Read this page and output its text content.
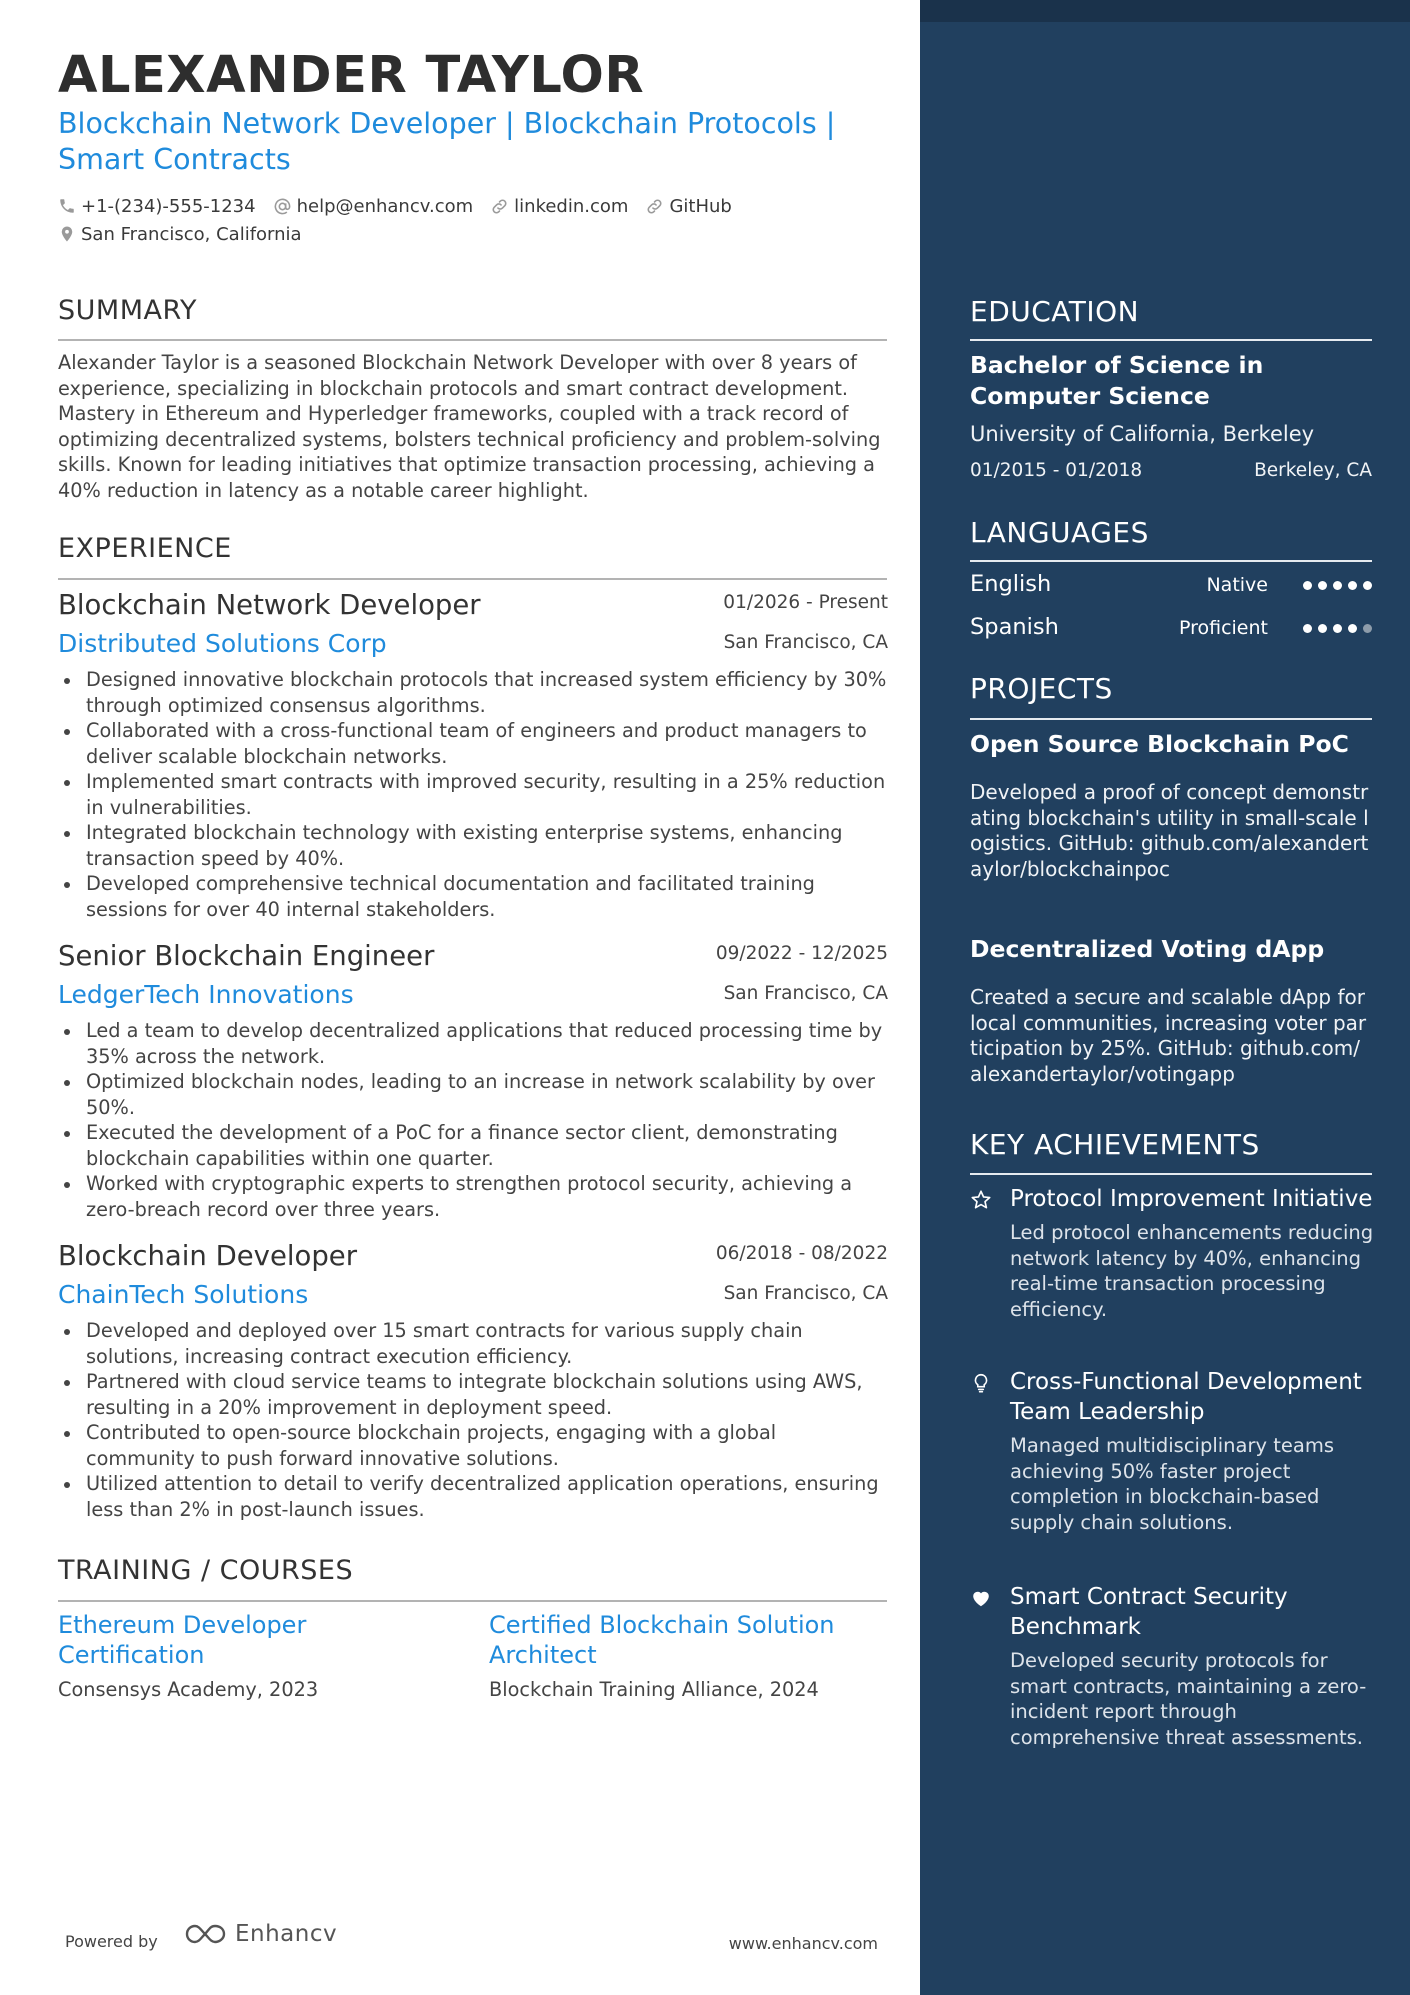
ALEXANDER TAYLOR
Blockchain Network Developer | Blockchain Protocols | Smart Contracts
+1-(234)-555-1234 help@enhancv.com linkedin.com GitHub
San Francisco, California
SUMMARY
Alexander Taylor is a seasoned Blockchain Network Developer with over 8 years of experience, specializing in blockchain protocols and smart contract development. Mastery in Ethereum and Hyperledger frameworks, coupled with a track record of optimizing decentralized systems, bolsters technical proficiency and problem-solving skills. Known for leading initiatives that optimize transaction processing, achieving a 40% reduction in latency as a notable career highlight.
EXPERIENCE
Blockchain Network Developer	01/2026 - Present
Distributed Solutions Corp	San Francisco, CA
Designed innovative blockchain protocols that increased system efficiency by 30% through optimized consensus algorithms.
Collaborated with a cross-functional team of engineers and product managers to deliver scalable blockchain networks.
Implemented smart contracts with improved security, resulting in a 25% reduction in vulnerabilities.
Integrated blockchain technology with existing enterprise systems, enhancing transaction speed by 40%.
Developed comprehensive technical documentation and facilitated training sessions for over 40 internal stakeholders.
Senior Blockchain Engineer	09/2022 - 12/2025
LedgerTech Innovations	San Francisco, CA
Led a team to develop decentralized applications that reduced processing time by 35% across the network.
Optimized blockchain nodes, leading to an increase in network scalability by over 50%.
Executed the development of a PoC for a finance sector client, demonstrating blockchain capabilities within one quarter.
Worked with cryptographic experts to strengthen protocol security, achieving a zero-breach record over three years.
Blockchain Developer	06/2018 - 08/2022
ChainTech Solutions	San Francisco, CA
Developed and deployed over 15 smart contracts for various supply chain solutions, increasing contract execution efficiency.
Partnered with cloud service teams to integrate blockchain solutions using AWS, resulting in a 20% improvement in deployment speed.
Contributed to open-source blockchain projects, engaging with a global community to push forward innovative solutions.
Utilized attention to detail to verify decentralized application operations, ensuring less than 2% in post-launch issues.
TRAINING / COURSES
Ethereum Developer Certification
Consensys Academy, 2023
Certified Blockchain Solution Architect
Blockchain Training Alliance, 2024
Powered by	Enhancv	www.enhancv.com
EDUCATION
Bachelor of Science in Computer Science
University of California, Berkeley
01/2015 - 01/2018	Berkeley, CA
LANGUAGES
English	Native
Spanish	Proficient
PROJECTS
Open Source Blockchain PoC
Developed a proof of concept demonstrating blockchain's utility in small-scale logistics. GitHub: github.com/alexandertaylor/blockchainpoc
Decentralized Voting dApp
Created a secure and scalable dApp for local communities, increasing voter participation by 25%. GitHub: github.com/alexandertaylor/votingapp
KEY ACHIEVEMENTS
Protocol Improvement Initiative
Led protocol enhancements reducing network latency by 40%, enhancing real-time transaction processing efficiency.
Cross-Functional Development Team Leadership
Managed multidisciplinary teams achieving 50% faster project completion in blockchain-based supply chain solutions.
Smart Contract Security Benchmark
Developed security protocols for smart contracts, maintaining a zero-incident report through comprehensive threat assessments.
